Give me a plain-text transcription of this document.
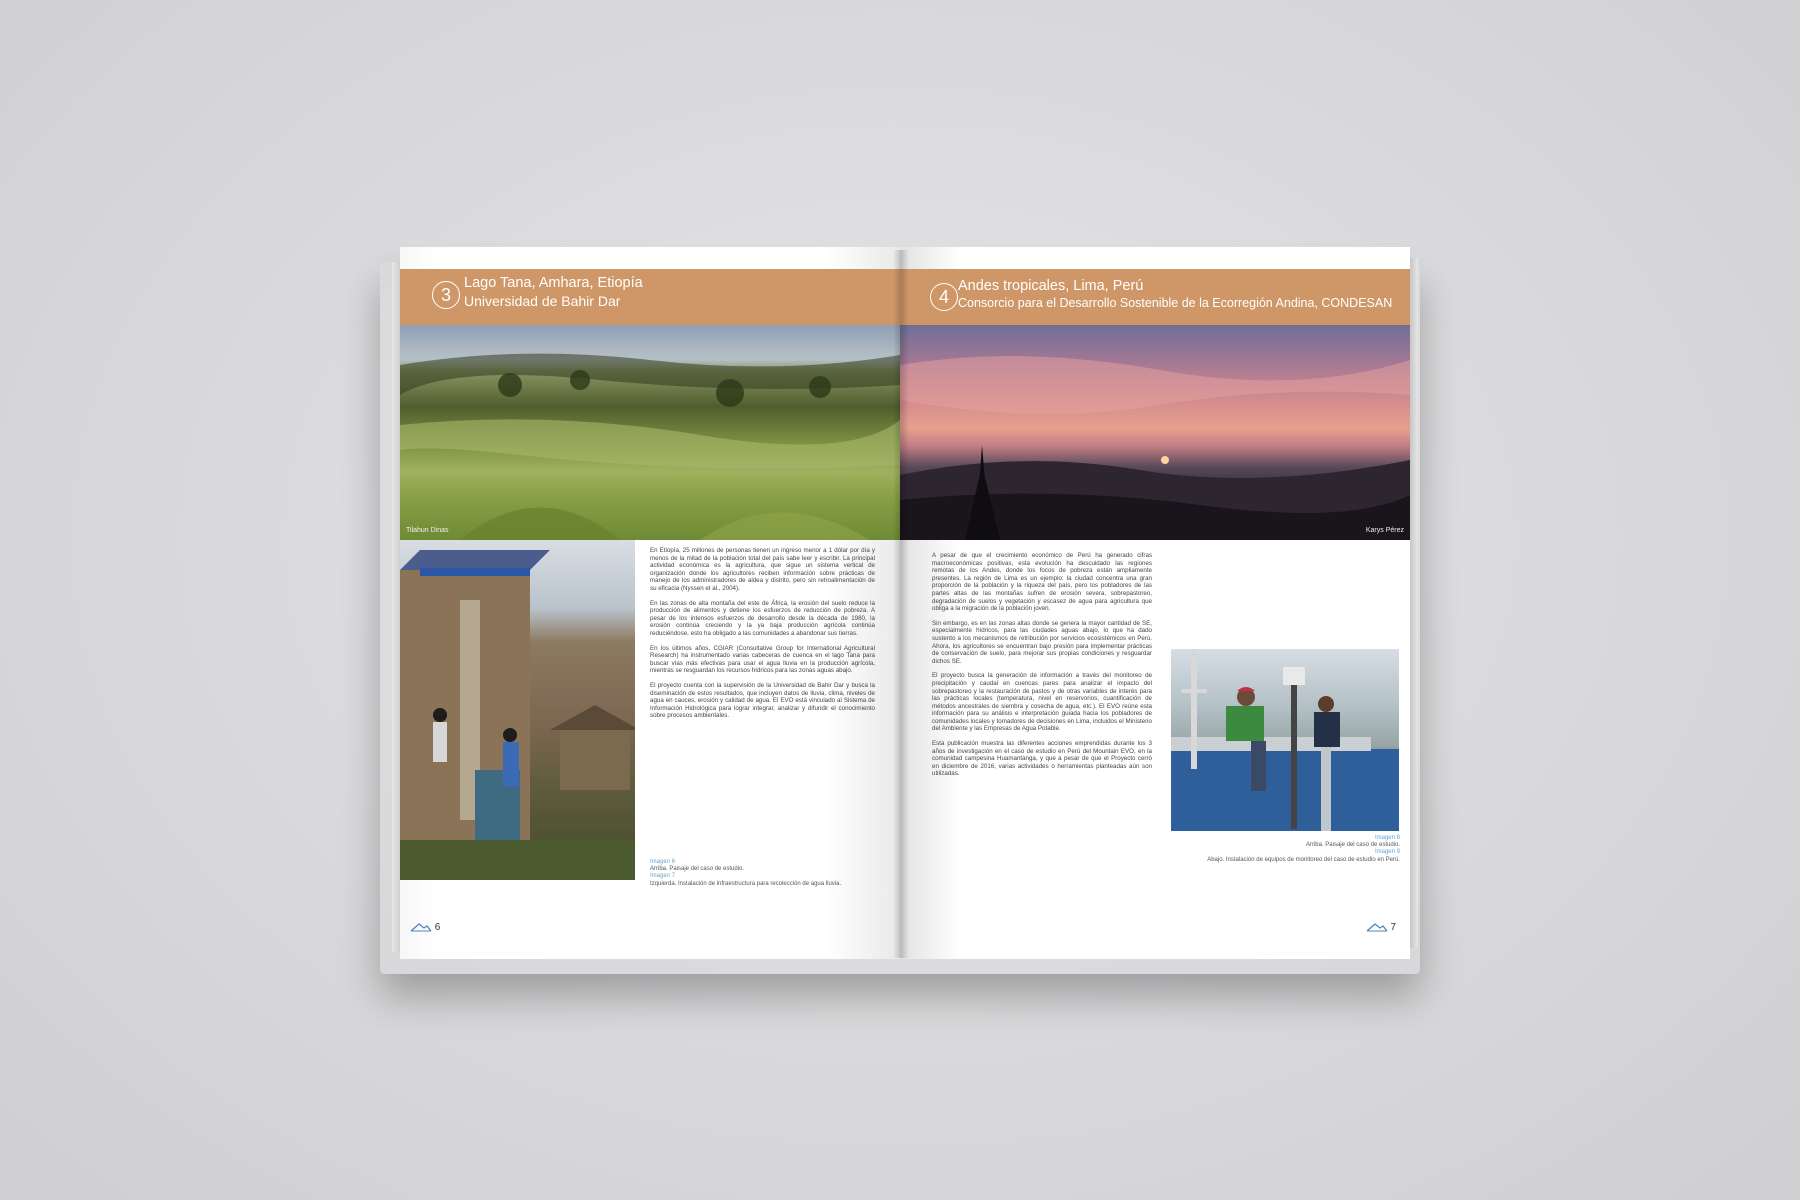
3
Lago Tana, Amhara, Etiopía
Universidad de Bahir Dar
Tilahun Dinas

En Etiopía, 25 millones de personas tienen un ingreso menor a 1 dólar por día y menos de la mitad de la población total del país sabe leer y escribir. La principal actividad económica es la agricultura, que sigue un sistema vertical de organización donde los agricultores reciben información sobre prácticas de manejo de los administradores de aldea y distrito, pero sin retroalimentación de su eficacia (Nyssen et al., 2004).

En las zonas de alta montaña del este de África, la erosión del suelo reduce la producción de alimentos y detiene los esfuerzos de reducción de pobreza. A pesar de los intensos esfuerzos de desarrollo desde la década de 1980, la erosión continúa creciendo y la ya baja producción agrícola continúa reduciéndose, esto ha obligado a las comunidades a abandonar sus tierras.

En los últimos años, CGIAR (Consultative Group for International Agricultural Research) ha instrumentado varias cabeceras de cuenca en el lago Tana para buscar vías más efectivas para usar el agua lluvia en la producción agrícola, mientras se resguardan los recursos hídricos para las zonas aguas abajo.

El proyecto cuenta con la supervisión de la Universidad de Bahir Dar y busca la diseminación de estos resultados, que incluyen datos de lluvia, clima, niveles de agua en cauces, erosión y calidad de agua. El EVO está vinculado al Sistema de Información Hidrológica para lograr integrar, analizar y difundir el conocimiento sobre procesos ambientales.

Imagen 6
Arriba. Paisaje del caso de estudio.
Imagen 7
Izquierda. Instalación de infraestructura para recolección de agua lluvia.
6
4
Andes tropicales, Lima, Perú
Consorcio para el Desarrollo Sostenible de la Ecorregión Andina, CONDESAN
Karys Pérez

A pesar de que el crecimiento económico de Perú ha generado cifras macroeconómicas positivas, esta evolución ha descuidado las regiones remotas de los Andes, donde los focos de pobreza están ampliamente presentes. La región de Lima es un ejemplo: la ciudad concentra una gran proporción de la población y la riqueza del país, pero los pobladores de las partes altas de las montañas sufren de erosión severa, sobrepastoreo, degradación de suelos y vegetación y escasez de agua para agricultura que obliga a la migración de la población joven.

Sin embargo, es en las zonas altas donde se genera la mayor cantidad de SE, especialmente hídricos, para las ciudades aguas abajo, lo que ha dado sustento a los mecanismos de retribución por servicios ecosistémicos en Perú. Ahora, los agricultores se encuentran bajo presión para implementar prácticas de conservación de suelo, para mejorar sus propias condiciones y resguardar dichos SE.

El proyecto busca la generación de información a través del monitoreo de precipitación y caudal en cuencas pares para analizar el impacto del sobrepastoreo y la restauración de pastos y de otras variables de interés para las prácticas locales (temperatura, nivel en reservorios, cuantificación de métodos ancestrales de siembra y cosecha de agua, etc.). El EVO reúne esta información para su análisis e interpretación guiada hacia los pobladores de comunidades locales y tomadores de decisiones en Lima, incluidos el Ministerio del Ambiente y las Empresas de Agua Potable.

Esta publicación muestra las diferentes acciones emprendidas durante los 3 años de investigación en el caso de estudio en Perú del Mountain EVO, en la comunidad campesina Huamantanga, y que a pesar de que el Proyecto cerró en diciembre de 2016, varias actividades o herramientas planteadas aún son utilizadas.

Imagen 8
Arriba. Paisaje del caso de estudio.
Imagen 9
Abajo. Instalación de equipos de monitoreo del caso de estudio en Perú.
7
